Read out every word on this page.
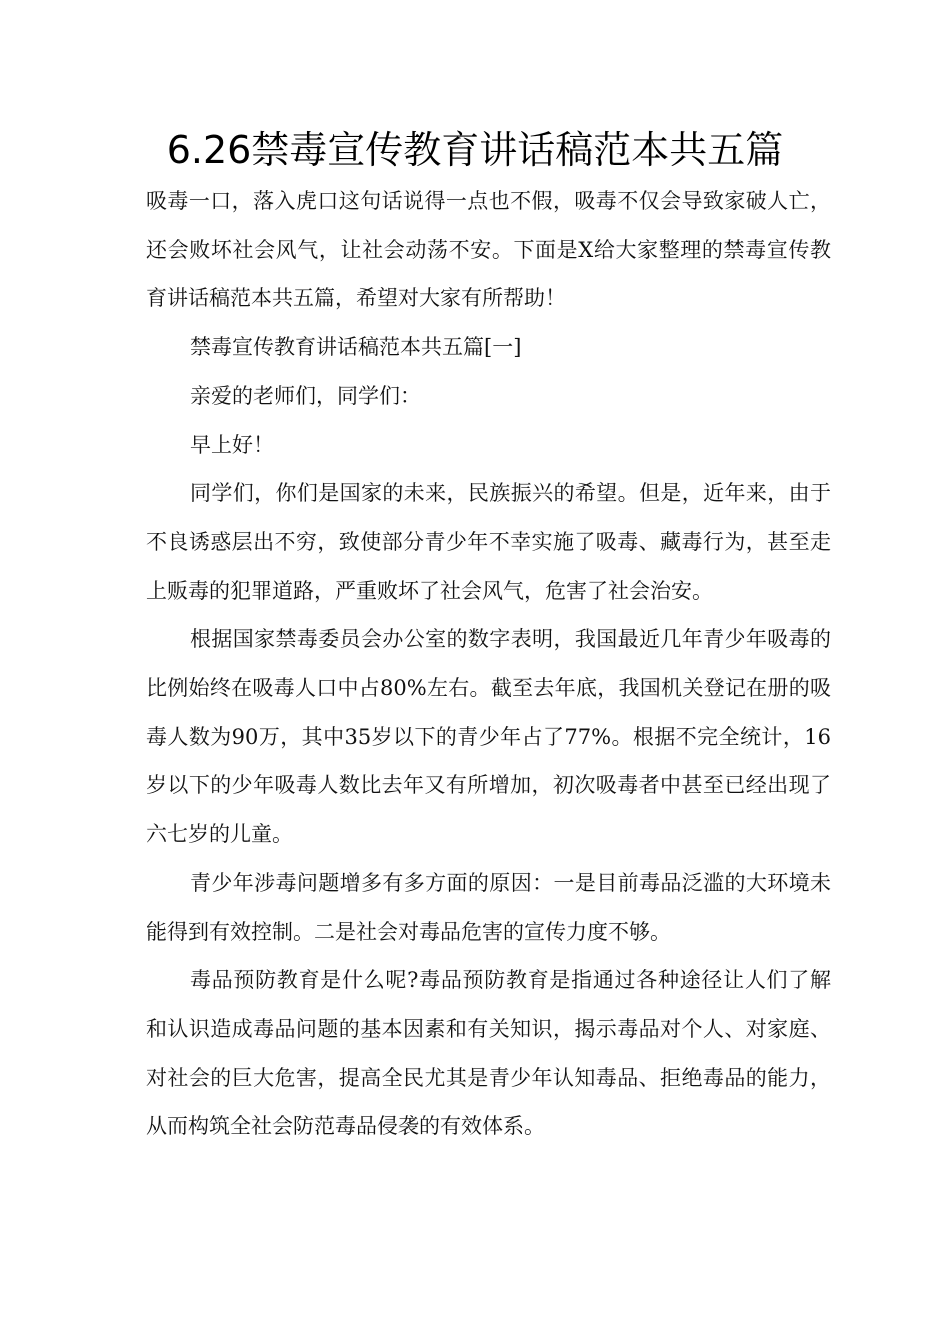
6.26禁毒宣传教育讲话稿范本共五篇

吸毒一口，落入虎口这句话说得一点也不假，吸毒不仅会导致家破人亡，还会败坏社会风气，让社会动荡不安。下面是X给大家整理的禁毒宣传教育讲话稿范本共五篇，希望对大家有所帮助！

禁毒宣传教育讲话稿范本共五篇[一]

亲爱的老师们，同学们：

早上好！

同学们，你们是国家的未来，民族振兴的希望。但是，近年来，由于不良诱惑层出不穷，致使部分青少年不幸实施了吸毒、藏毒行为，甚至走上贩毒的犯罪道路，严重败坏了社会风气，危害了社会治安。

根据国家禁毒委员会办公室的数字表明，我国最近几年青少年吸毒的比例始终在吸毒人口中占80%左右。截至去年底，我国机关登记在册的吸毒人数为90万，其中35岁以下的青少年占了77%。根据不完全统计，16岁以下的少年吸毒人数比去年又有所增加，初次吸毒者中甚至已经出现了六七岁的儿童。

青少年涉毒问题增多有多方面的原因：一是目前毒品泛滥的大环境未能得到有效控制。二是社会对毒品危害的宣传力度不够。

毒品预防教育是什么呢?毒品预防教育是指通过各种途径让人们了解和认识造成毒品问题的基本因素和有关知识，揭示毒品对个人、对家庭、对社会的巨大危害，提高全民尤其是青少年认知毒品、拒绝毒品的能力，从而构筑全社会防范毒品侵袭的有效体系。
